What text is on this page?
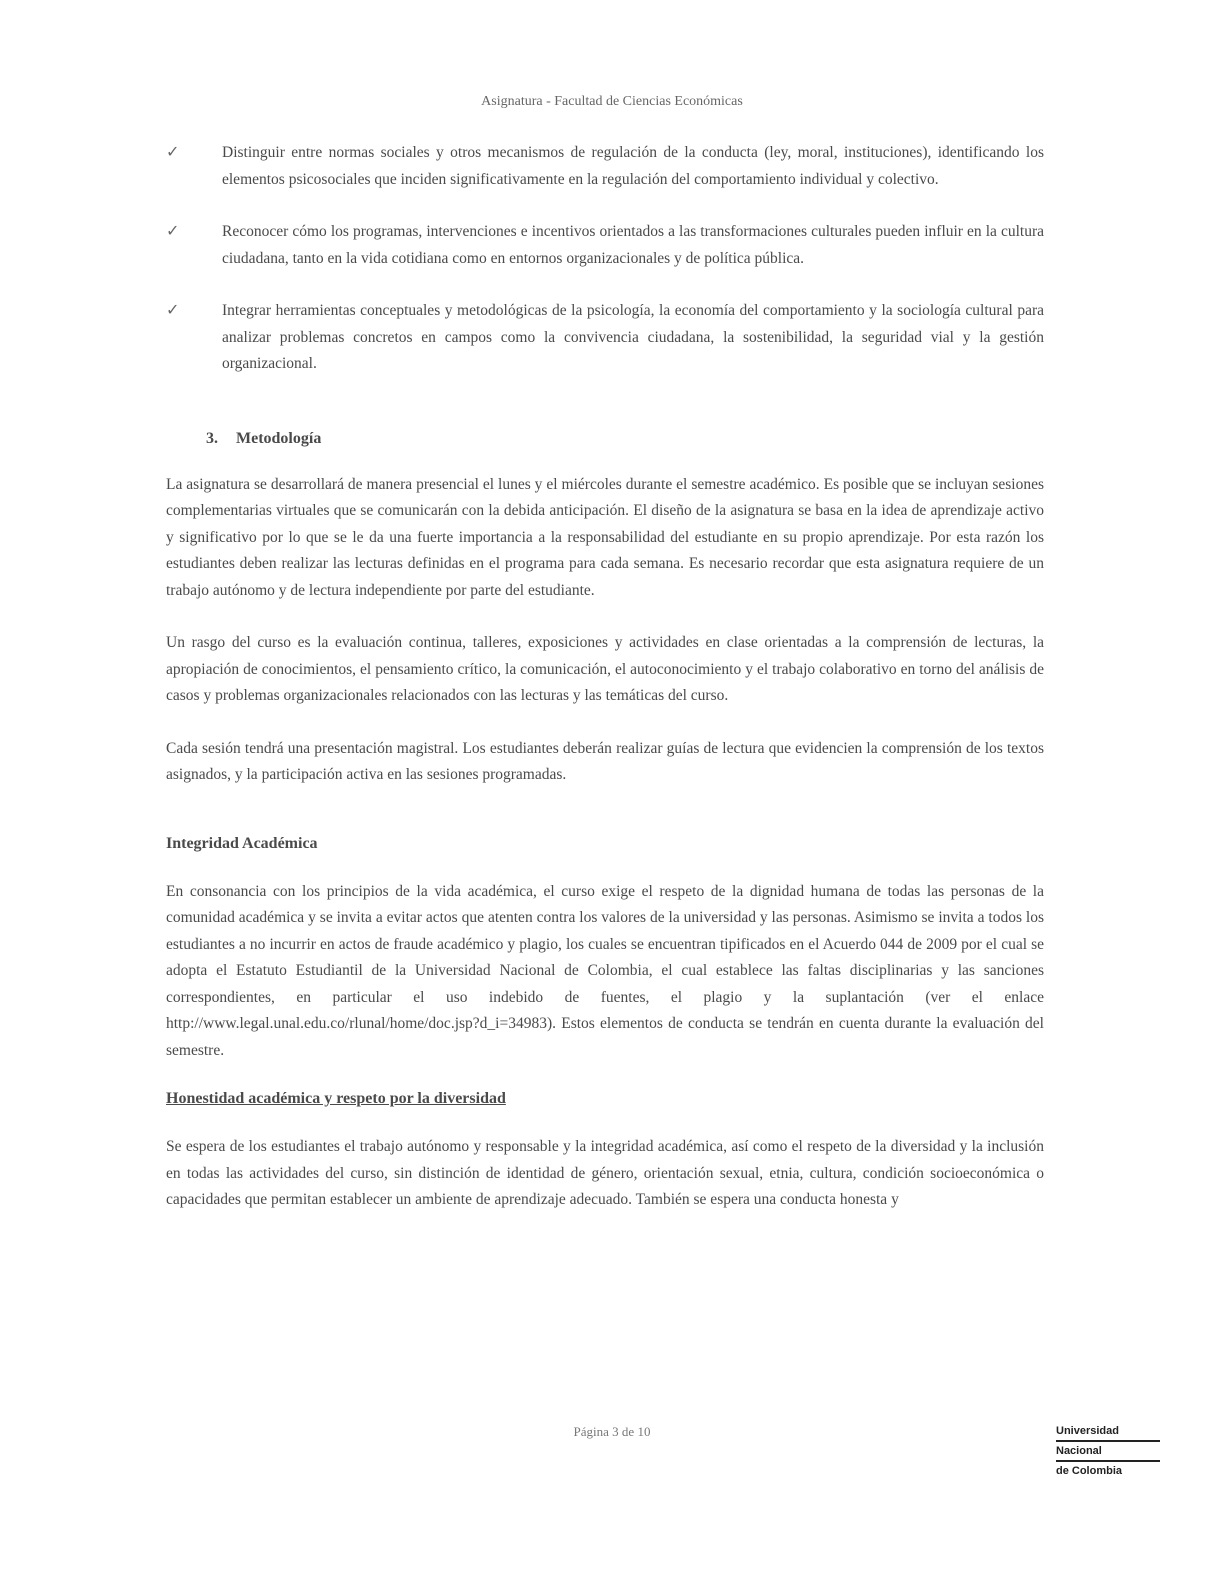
Asignatura - Facultad de Ciencias Económicas
✓	Distinguir entre normas sociales y otros mecanismos de regulación de la conducta (ley, moral, instituciones), identificando los elementos psicosociales que inciden significativamente en la regulación del comportamiento individual y colectivo.
✓	Reconocer cómo los programas, intervenciones e incentivos orientados a las transformaciones culturales pueden influir en la cultura ciudadana, tanto en la vida cotidiana como en entornos organizacionales y de política pública.
✓	Integrar herramientas conceptuales y metodológicas de la psicología, la economía del comportamiento y la sociología cultural para analizar problemas concretos en campos como la convivencia ciudadana, la sostenibilidad, la seguridad vial y la gestión organizacional.
3. Metodología

La asignatura se desarrollará de manera presencial el lunes y el miércoles durante el semestre académico. Es posible que se incluyan sesiones complementarias virtuales que se comunicarán con la debida anticipación. El diseño de la asignatura se basa en la idea de aprendizaje activo y significativo por lo que se le da una fuerte importancia a la responsabilidad del estudiante en su propio aprendizaje. Por esta razón los estudiantes deben realizar las lecturas definidas en el programa para cada semana. Es necesario recordar que esta asignatura requiere de un trabajo autónomo y de lectura independiente por parte del estudiante.

Un rasgo del curso es la evaluación continua, talleres, exposiciones y actividades en clase orientadas a la comprensión de lecturas, la apropiación de conocimientos, el pensamiento crítico, la comunicación, el autoconocimiento y el trabajo colaborativo en torno del análisis de casos y problemas organizacionales relacionados con las lecturas y las temáticas del curso.

Cada sesión tendrá una presentación magistral. Los estudiantes deberán realizar guías de lectura que evidencien la comprensión de los textos asignados, y la participación activa en las sesiones programadas.

Integridad Académica

En consonancia con los principios de la vida académica, el curso exige el respeto de la dignidad humana de todas las personas de la comunidad académica y se invita a evitar actos que atenten contra los valores de la universidad y las personas. Asimismo se invita a todos los estudiantes a no incurrir en actos de fraude académico y plagio, los cuales se encuentran tipificados en el Acuerdo 044 de 2009 por el cual se adopta el Estatuto Estudiantil de la Universidad Nacional de Colombia, el cual establece las faltas disciplinarias y las sanciones correspondientes, en particular el uso indebido de fuentes, el plagio y la suplantación (ver el enlace http://www.legal.unal.edu.co/rlunal/home/doc.jsp?d_i=34983). Estos elementos de conducta se tendrán en cuenta durante la evaluación del semestre.

Honestidad académica y respeto por la diversidad

Se espera de los estudiantes el trabajo autónomo y responsable y la integridad académica, así como el respeto de la diversidad y la inclusión en todas las actividades del curso, sin distinción de identidad de género, orientación sexual, etnia, cultura, condición socioeconómica o capacidades que permitan establecer un ambiente de aprendizaje adecuado. También se espera una conducta honesta y

Página 3 de 10	Universidad
Nacional
de Colombia
